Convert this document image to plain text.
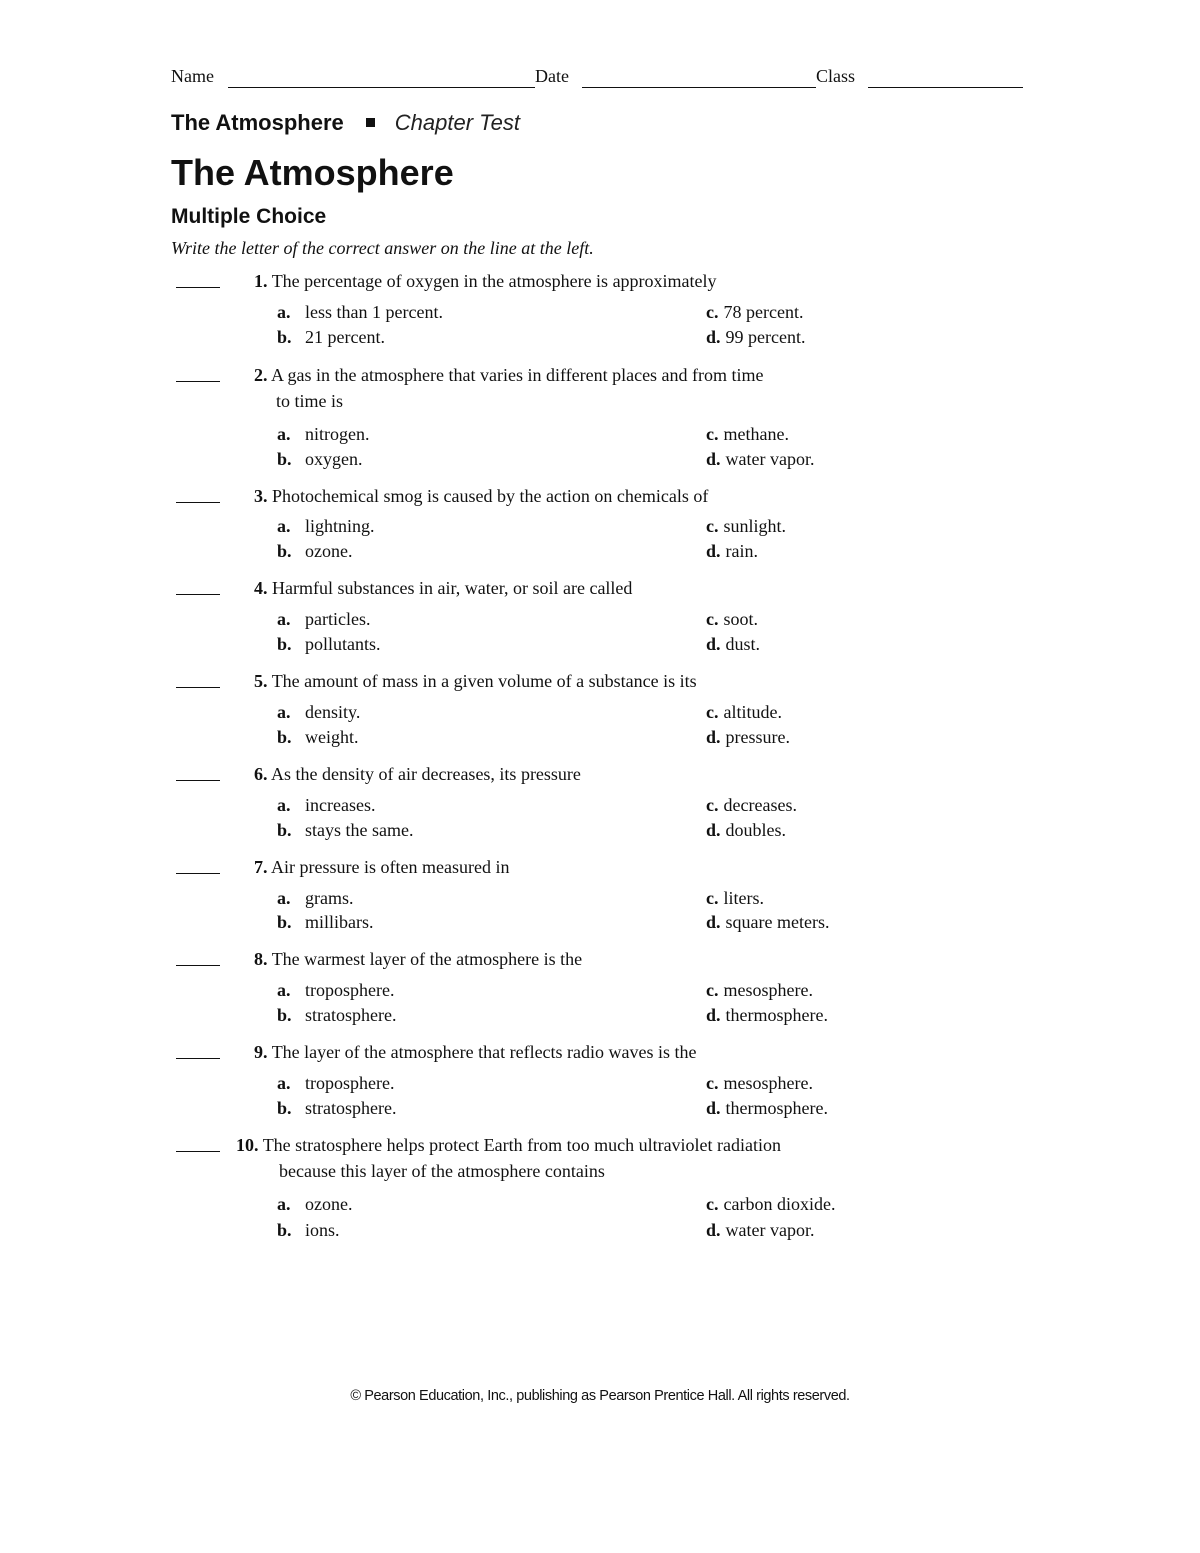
Name	Date	Class
The Atmosphere Chapter Test
The Atmosphere
Multiple Choice
Write the letter of the correct answer on the line at the left.
1. The percentage of oxygen in the atmosphere is approximately
a. less than 1 percent.
b. 21 percent.
c. 78 percent.
d. 99 percent.
2. A gas in the atmosphere that varies in different places and from time
to time is
a. nitrogen.
b. oxygen.
c. methane.
d. water vapor.
3. Photochemical smog is caused by the action on chemicals of
a. lightning.
b. ozone.
c. sunlight.
d. rain.
4. Harmful substances in air, water, or soil are called
a. particles.
b. pollutants.
c. soot.
d. dust.
5. The amount of mass in a given volume of a substance is its
a. density.
b. weight.
c. altitude.
d. pressure.
6. As the density of air decreases, its pressure
a. increases.
b. stays the same.
c. decreases.
d. doubles.
7. Air pressure is often measured in
a. grams.
b. millibars.
c. liters.
d. square meters.
8. The warmest layer of the atmosphere is the
a. troposphere.
b. stratosphere.
c. mesosphere.
d. thermosphere.
9. The layer of the atmosphere that reflects radio waves is the
a. troposphere.
b. stratosphere.
c. mesosphere.
d. thermosphere.
10. The stratosphere helps protect Earth from too much ultraviolet radiation
because this layer of the atmosphere contains
a. ozone.
b. ions.
c. carbon dioxide.
d. water vapor.
© Pearson Education, Inc., publishing as Pearson Prentice Hall. All rights reserved.
